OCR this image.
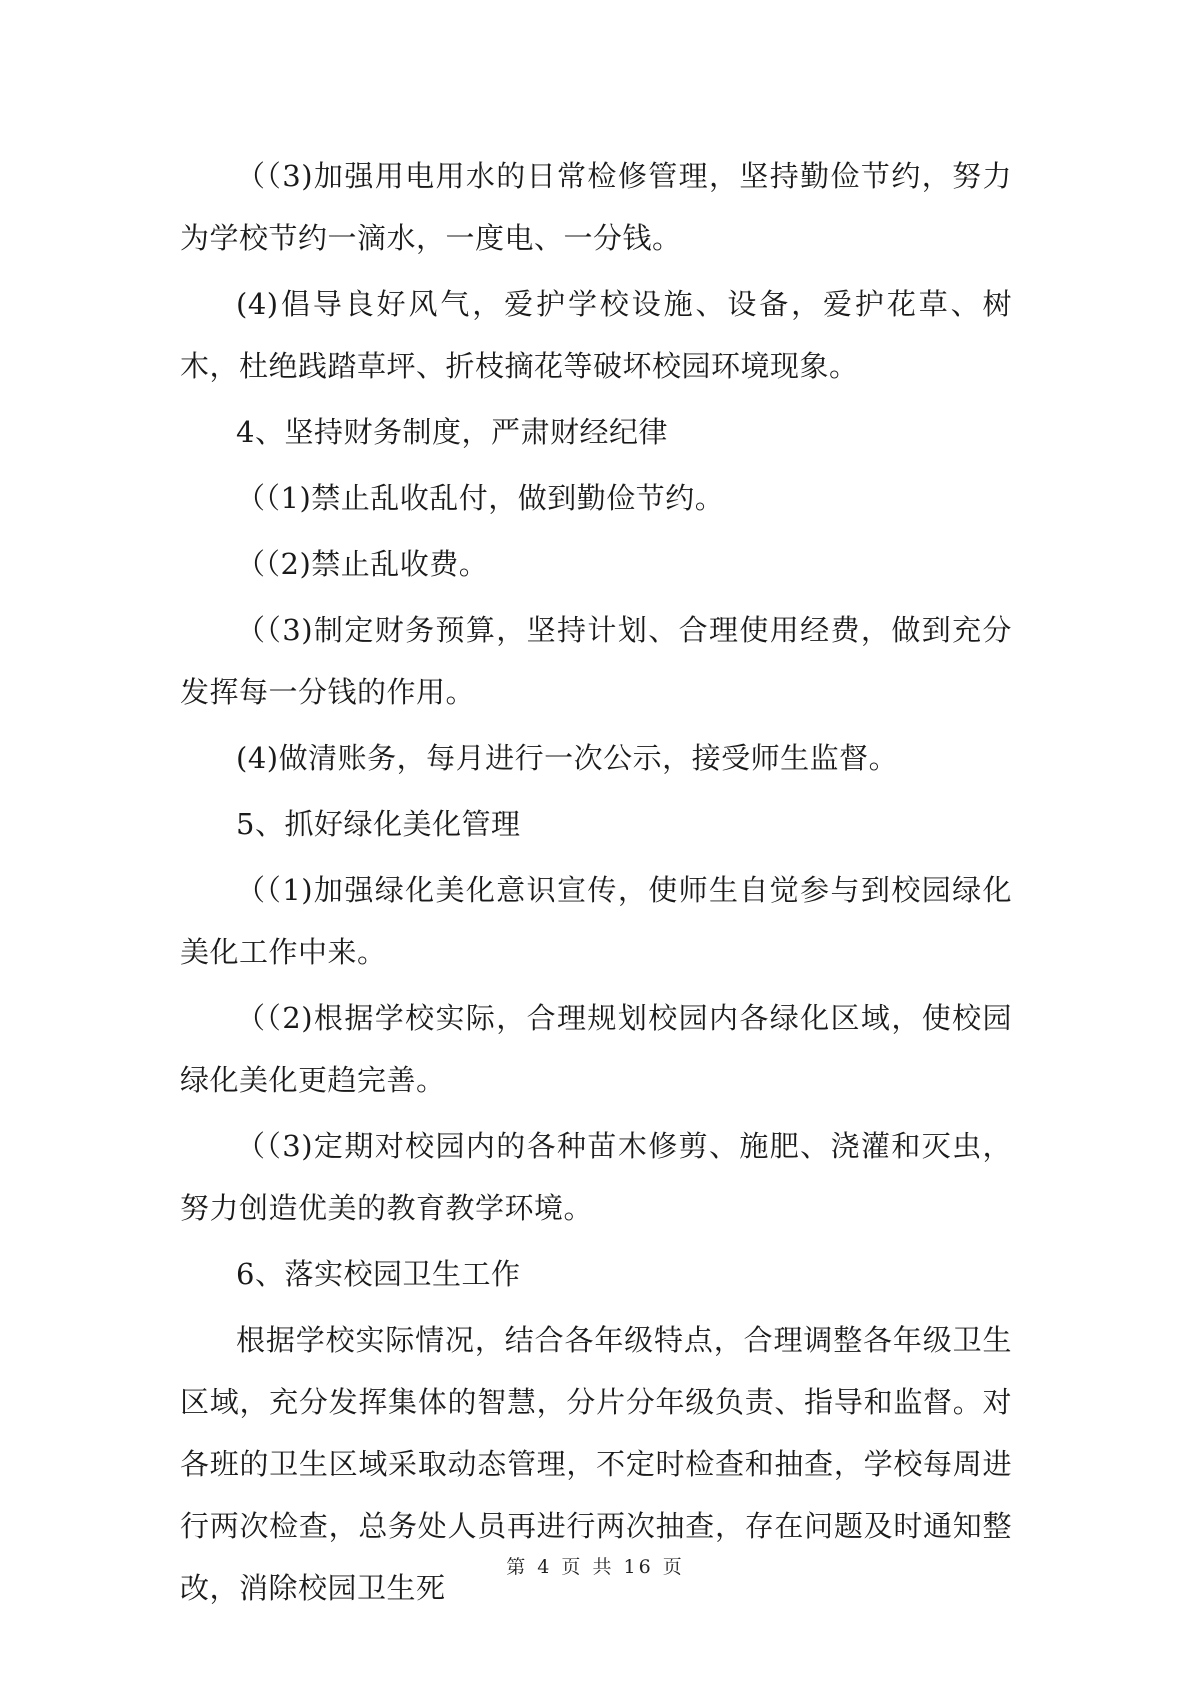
（（3)加强用电用水的日常检修管理，坚持勤俭节约，努力为学校节约一滴水，一度电、一分钱。

(4)倡导良好风气，爱护学校设施、设备，爱护花草、树木，杜绝践踏草坪、折枝摘花等破坏校园环境现象。

4、坚持财务制度，严肃财经纪律

（（1)禁止乱收乱付，做到勤俭节约。

（（2)禁止乱收费。

（（3)制定财务预算，坚持计划、合理使用经费，做到充分发挥每一分钱的作用。

(4)做清账务，每月进行一次公示，接受师生监督。

5、抓好绿化美化管理

（（1)加强绿化美化意识宣传，使师生自觉参与到校园绿化美化工作中来。

（（2)根据学校实际，合理规划校园内各绿化区域，使校园绿化美化更趋完善。

（（3)定期对校园内的各种苗木修剪、施肥、浇灌和灭虫，努力创造优美的教育教学环境。

6、落实校园卫生工作

根据学校实际情况，结合各年级特点，合理调整各年级卫生区域，充分发挥集体的智慧，分片分年级负责、指导和监督。对各班的卫生区域采取动态管理，不定时检查和抽查，学校每周进行两次检查，总务处人员再进行两次抽查，存在问题及时通知整改，消除校园卫生死

第 4 页 共 16 页
